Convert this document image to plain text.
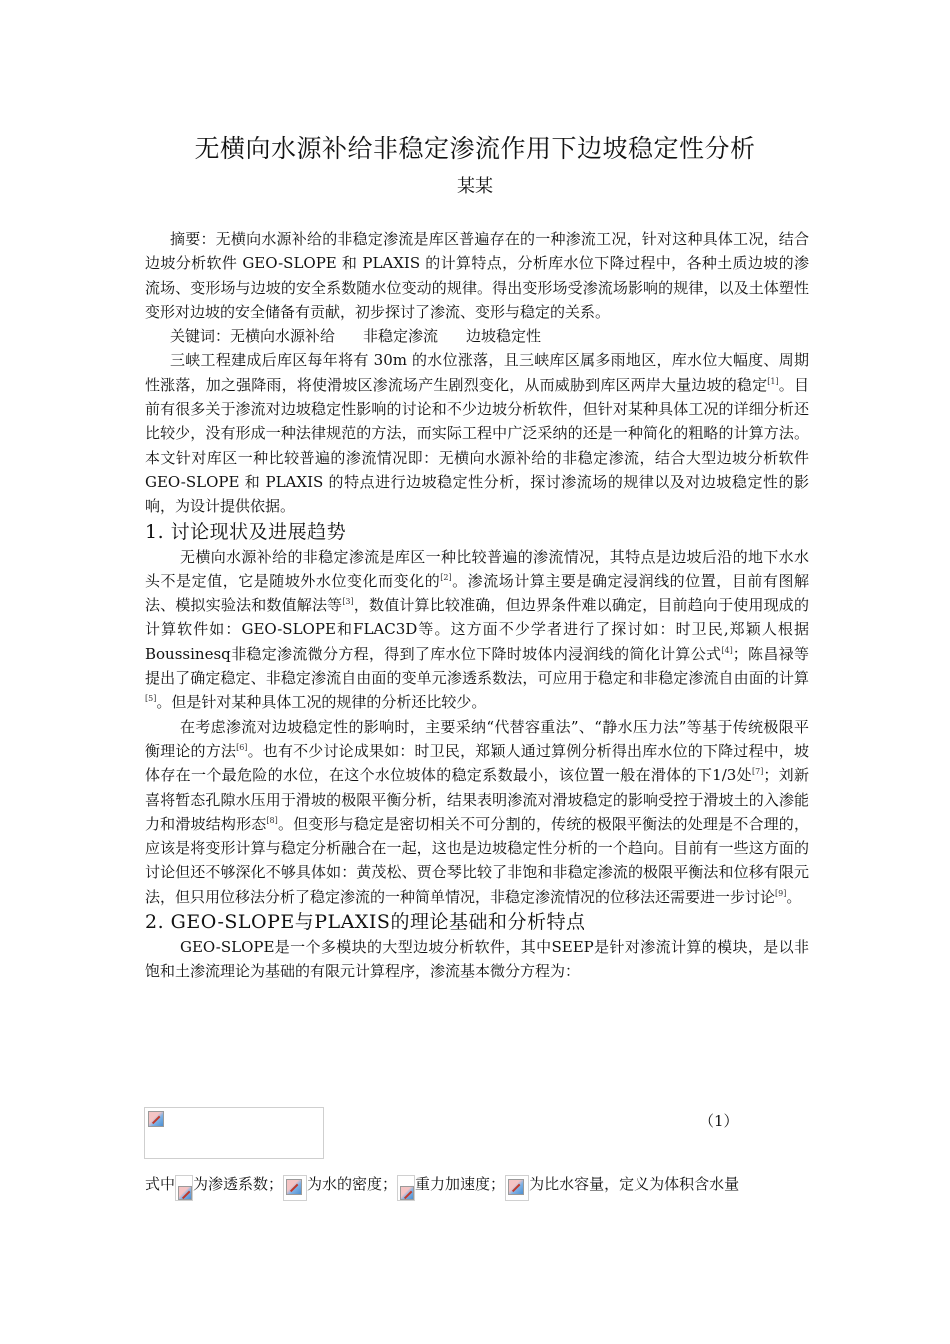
无横向水源补给非稳定渗流作用下边坡稳定性分析
某某

摘要：无横向水源补给的非稳定渗流是库区普遍存在的一种渗流工况，针对这种具体工况，结合边坡分析软件 GEO-SLOPE 和 PLAXIS 的计算特点，分析库水位下降过程中，各种土质边坡的渗流场、变形场与边坡的安全系数随水位变动的规律。得出变形场受渗流场影响的规律，以及土体塑性变形对边坡的安全储备有贡献，初步探讨了渗流、变形与稳定的关系。

关键词：无横向水源补给 非稳定渗流 边坡稳定性

三峡工程建成后库区每年将有 30m 的水位涨落，且三峡库区属多雨地区，库水位大幅度、周期性涨落，加之强降雨，将使滑坡区渗流场产生剧烈变化，从而威胁到库区两岸大量边坡的稳定[1]。目前有很多关于渗流对边坡稳定性影响的讨论和不少边坡分析软件，但针对某种具体工况的详细分析还比较少，没有形成一种法律规范的方法，而实际工程中广泛采纳的还是一种简化的粗略的计算方法。本文针对库区一种比较普遍的渗流情况即：无横向水源补给的非稳定渗流，结合大型边坡分析软件 GEO-SLOPE 和 PLAXIS 的特点进行边坡稳定性分析，探讨渗流场的规律以及对边坡稳定性的影响，为设计提供依据。

1. 讨论现状及进展趋势

无横向水源补给的非稳定渗流是库区一种比较普遍的渗流情况，其特点是边坡后沿的地下水水头不是定值，它是随坡外水位变化而变化的[2]。渗流场计算主要是确定浸润线的位置，目前有图解法、模拟实验法和数值解法等[3]，数值计算比较准确，但边界条件难以确定，目前趋向于使用现成的计算软件如：GEO-SLOPE和FLAC3D等。这方面不少学者进行了探讨如：时卫民,郑颖人根据Boussinesq非稳定渗流微分方程，得到了库水位下降时坡体内浸润线的简化计算公式[4]；陈昌禄等提出了确定稳定、非稳定渗流自由面的变单元渗透系数法，可应用于稳定和非稳定渗流自由面的计算[5]。但是针对某种具体工况的规律的分析还比较少。

在考虑渗流对边坡稳定性的影响时，主要采纳“代替容重法”、“静水压力法”等基于传统极限平衡理论的方法[6]。也有不少讨论成果如：时卫民，郑颖人通过算例分析得出库水位的下降过程中，坡体存在一个最危险的水位，在这个水位坡体的稳定系数最小，该位置一般在滑体的下1/3处[7]；刘新喜将暂态孔隙水压用于滑坡的极限平衡分析，结果表明渗流对滑坡稳定的影响受控于滑坡土的入渗能力和滑坡结构形态[8]。但变形与稳定是密切相关不可分割的，传统的极限平衡法的处理是不合理的，应该是将变形计算与稳定分析融合在一起，这也是边坡稳定性分析的一个趋向。目前有一些这方面的讨论但还不够深化不够具体如：黄茂松、贾仓琴比较了非饱和非稳定渗流的极限平衡法和位移有限元法，但只用位移法分析了稳定渗流的一种简单情况，非稳定渗流情况的位移法还需要进一步讨论[9]。

2. GEO-SLOPE与PLAXIS的理论基础和分析特点

GEO-SLOPE是一个多模块的大型边坡分析软件，其中SEEP是针对渗流计算的模块，是以非饱和土渗流理论为基础的有限元计算程序，渗流基本微分方程为：

（1）
式中 为渗透系数； 为水的密度； 重力加速度； 为比水容量，定义为体积含水量
